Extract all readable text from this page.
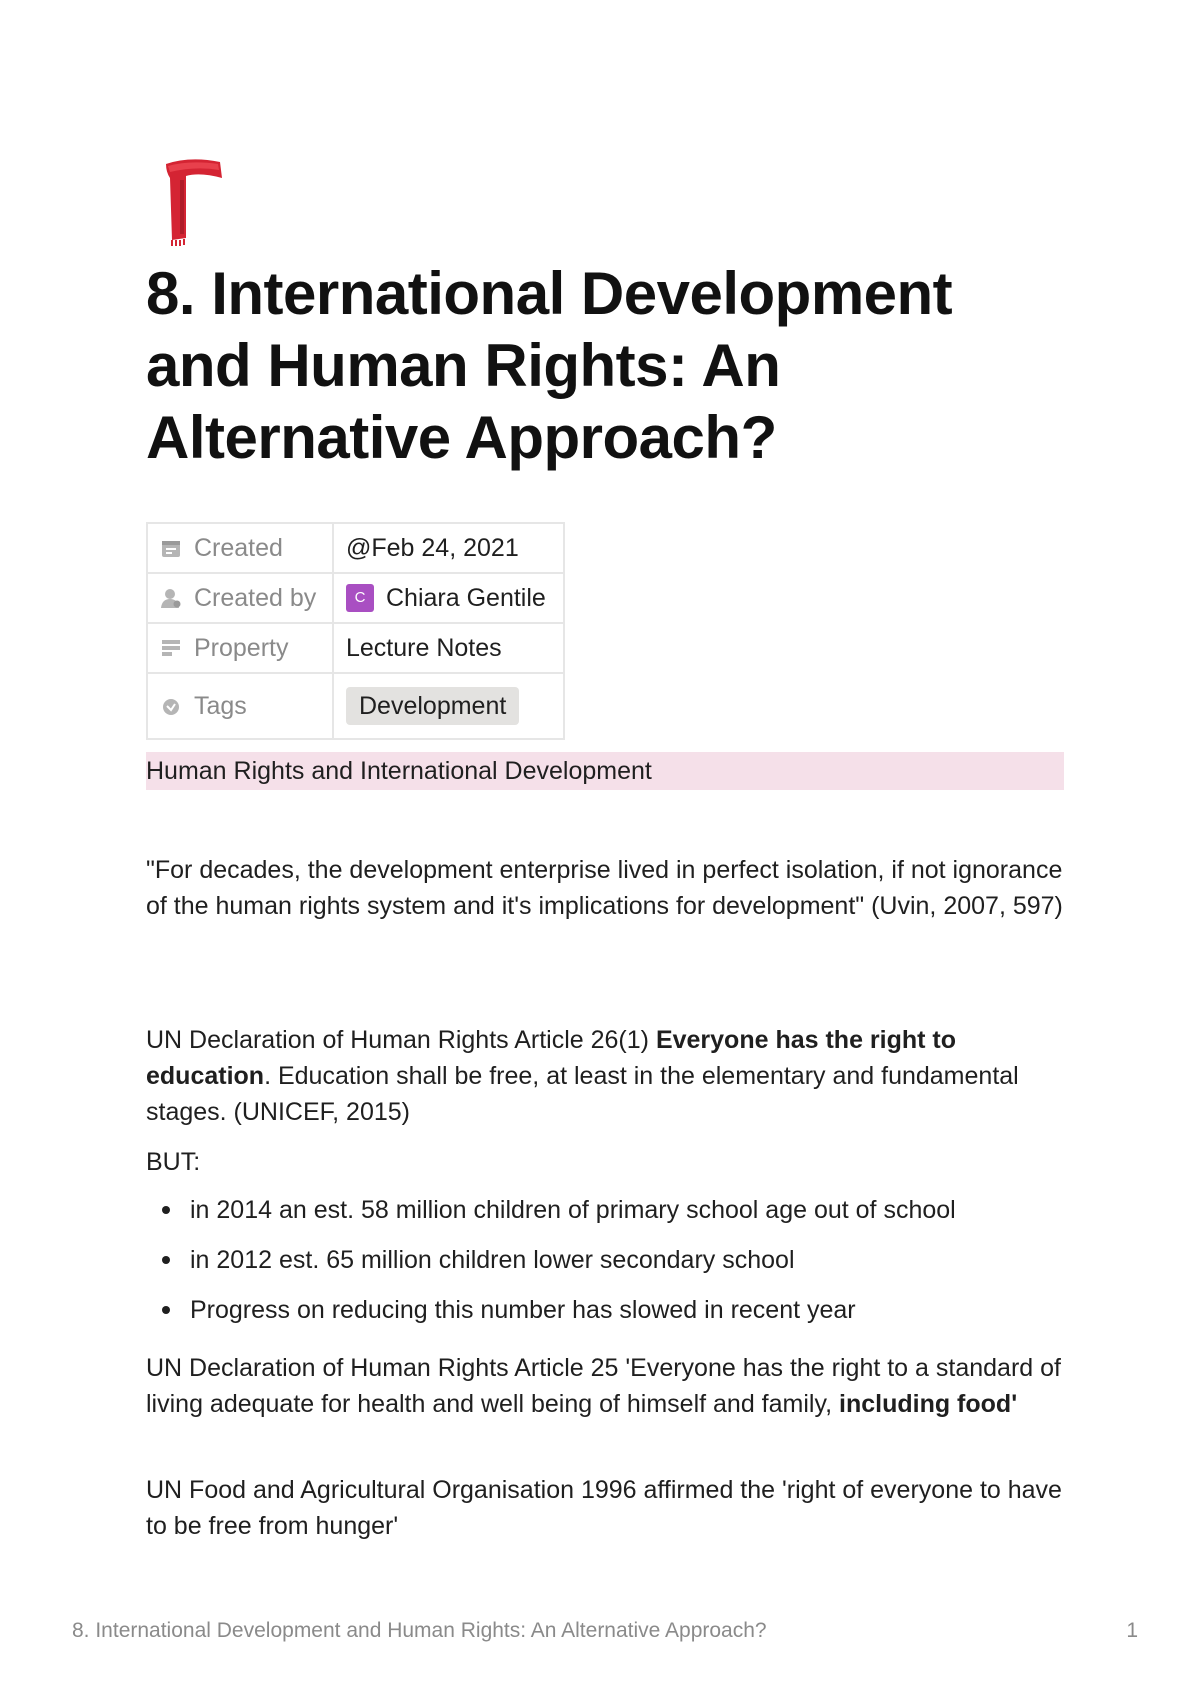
8. International Development and Human Rights: An Alternative Approach?
Created	@Feb 24, 2021

Created by	C Chiara Gentile

Property	Lecture Notes

Tags	Development

Human Rights and International Development

"For decades, the development enterprise lived in perfect isolation, if not ignorance of the human rights system and it's implications for development" (Uvin, 2007, 597)

UN Declaration of Human Rights Article 26(1) Everyone has the right to education. Education shall be free, at least in the elementary and fundamental stages. (UNICEF, 2015)

BUT:

in 2014 an est. 58 million children of primary school age out of school
in 2012 est. 65 million children lower secondary school
Progress on reducing this number has slowed in recent year

UN Declaration of Human Rights Article 25 'Everyone has the right to a standard of living adequate for health and well being of himself and family, including food'

UN Food and Agricultural Organisation 1996 affirmed the 'right of everyone to have to be free from hunger'

8. International Development and Human Rights: An Alternative Approach?	1
